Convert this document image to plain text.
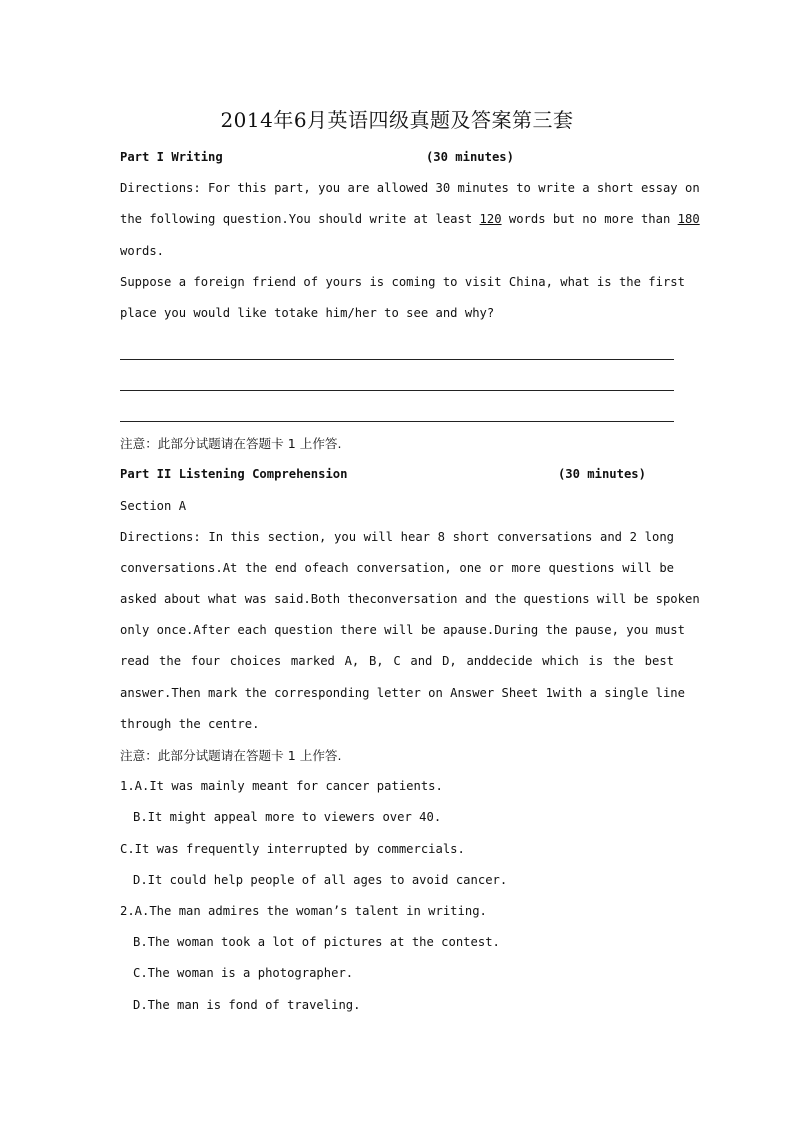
2014年6月英语四级真题及答案第三套
Part I Writing	(30 minutes)
Directions: For this part, you are allowed 30 minutes to write a short essay on
the following question.You should write at least 120 words but no more than 180
words.
Suppose a foreign friend of yours is coming to visit China, what is the first
place you would like totake him/her to see and why?
注意：此部分试题请在答题卡 1 上作答.
Part II Listening Comprehension	(30 minutes)
Section A
Directions: In this section, you will hear 8 short conversations and 2 long
conversations.At the end ofeach conversation, one or more questions will be
asked about what was said.Both theconversation and the questions will be spoken
only once.After each question there will be apause.During the pause, you must
read the four choices marked A, B, C and D, anddecide which is the best
answer.Then mark the corresponding letter on Answer Sheet 1with a single line
through the centre.
注意：此部分试题请在答题卡 1 上作答.
1.A.It was mainly meant for cancer patients.
B.It might appeal more to viewers over 40.
C.It was frequently interrupted by commercials.
D.It could help people of all ages to avoid cancer.
2.A.The man admires the woman’s talent in writing.
B.The woman took a lot of pictures at the contest.
C.The woman is a photographer.
D.The man is fond of traveling.
